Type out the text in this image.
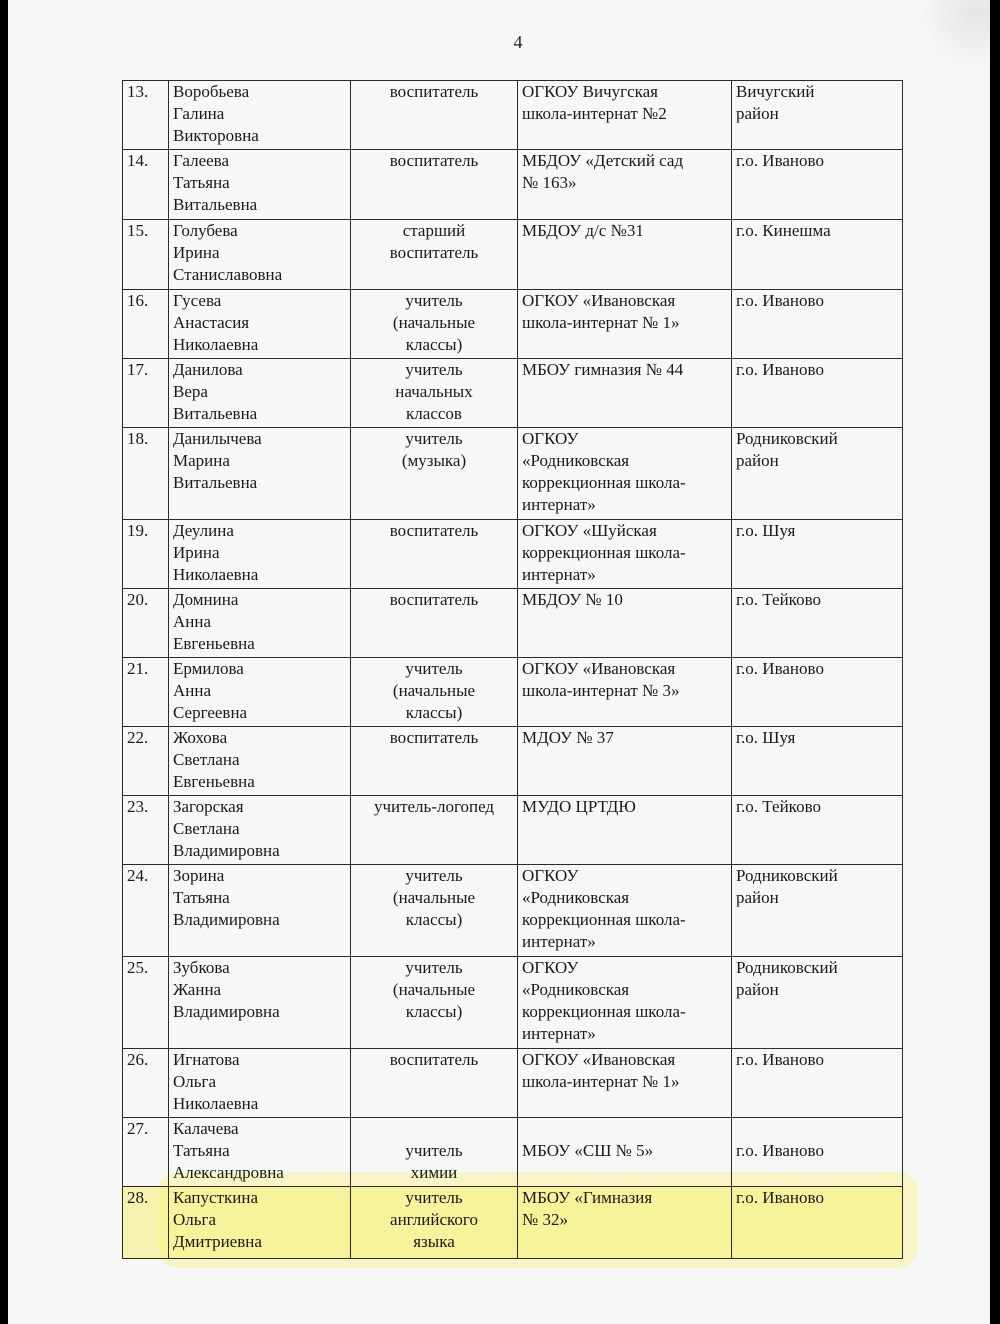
4
13.	Воробьева
Галина
Викторовна	воспитатель	ОГКОУ Вичугская
школа-интернат №2	Вичугский
район

14.	Галеева
Татьяна
Витальевна	воспитатель	МБДОУ «Детский сад
№ 163»	г.о. Иваново

15.	Голубева
Ирина
Станиславовна	старший
воспитатель	МБДОУ д/с №31	г.о. Кинешма

16.	Гусева
Анастасия
Николаевна	учитель
(начальные
классы)	ОГКОУ «Ивановская
школа-интернат № 1»	г.о. Иваново

17.	Данилова
Вера
Витальевна	учитель
начальных
классов	МБОУ гимназия № 44	г.о. Иваново

18.	Данилычева
Марина
Витальевна	учитель
(музыка)	ОГКОУ
«Родниковская
коррекционная школа-
интернат»	Родниковский
район

19.	Деулина
Ирина
Николаевна	воспитатель	ОГКОУ «Шуйская
коррекционная школа-
интернат»	г.о. Шуя

20.	Домнина
Анна
Евгеньевна	воспитатель	МБДОУ № 10	г.о. Тейково

21.	Ермилова
Анна
Сергеевна	учитель
(начальные
классы)	ОГКОУ «Ивановская
школа-интернат № 3»	г.о. Иваново

22.	Жохова
Светлана
Евгеньевна	воспитатель	МДОУ № 37	г.о. Шуя

23.	Загорская
Светлана
Владимировна	учитель-логопед	МУДО ЦРТДЮ	г.о. Тейково

24.	Зорина
Татьяна
Владимировна	учитель
(начальные
классы)	ОГКОУ
«Родниковская
коррекционная школа-
интернат»	Родниковский
район

25.	Зубкова
Жанна
Владимировна	учитель
(начальные
классы)	ОГКОУ
«Родниковская
коррекционная школа-
интернат»	Родниковский
район

26.	Игнатова
Ольга
Николаевна	воспитатель	ОГКОУ «Ивановская
школа-интернат № 1»	г.о. Иваново

27.	Калачева
Татьяна
Александровна	учитель
химии	МБОУ «СШ № 5»	г.о. Иваново

28.	Капусткина
Ольга
Дмитриевна	учитель
английского
языка	МБОУ «Гимназия
№ 32»	г.о. Иваново
